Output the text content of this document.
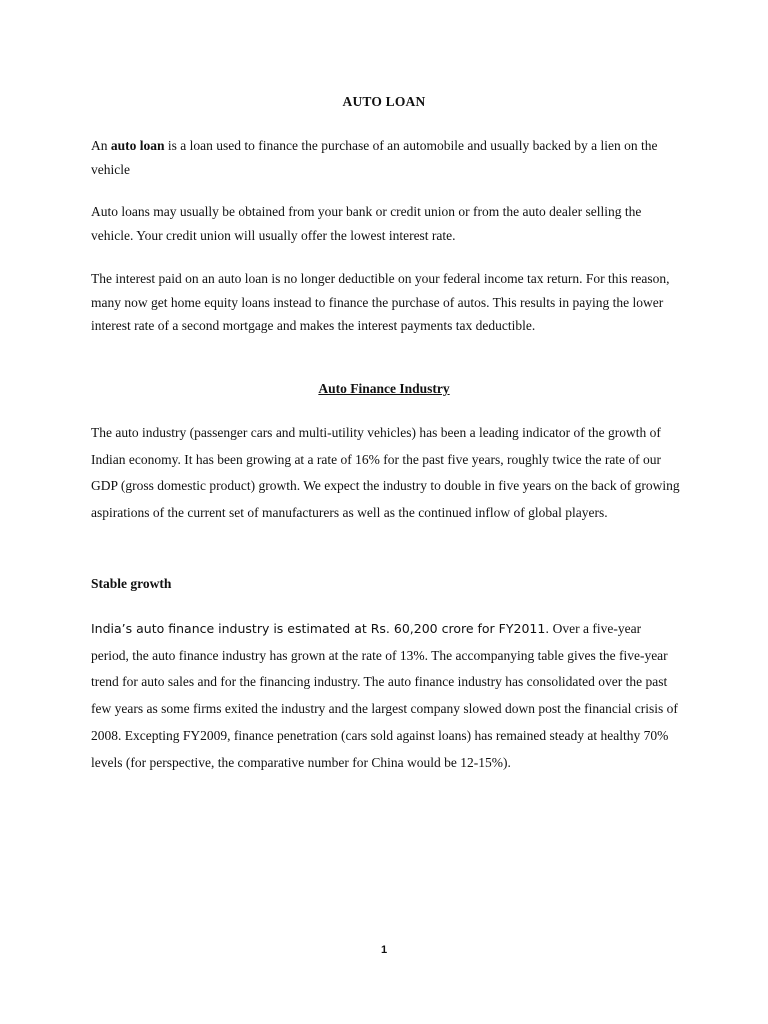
AUTO LOAN

An auto loan is a loan used to finance the purchase of an automobile and usually backed by a lien on the vehicle

Auto loans may usually be obtained from your bank or credit union or from the auto dealer selling the vehicle. Your credit union will usually offer the lowest interest rate.

The interest paid on an auto loan is no longer deductible on your federal income tax return. For this reason, many now get home equity loans instead to finance the purchase of autos. This results in paying the lower interest rate of a second mortgage and makes the interest payments tax deductible.

Auto Finance Industry

The auto industry (passenger cars and multi-utility vehicles) has been a leading indicator of the growth of Indian economy. It has been growing at a rate of 16% for the past five years, roughly twice the rate of our GDP (gross domestic product) growth. We expect the industry to double in five years on the back of growing aspirations of the current set of manufacturers as well as the continued inflow of global players.

Stable growth

India’s auto finance industry is estimated at Rs. 60,200 crore for FY2011. Over a five-year period, the auto finance industry has grown at the rate of 13%. The accompanying table gives the five-year trend for auto sales and for the financing industry. The auto finance industry has consolidated over the past few years as some firms exited the industry and the largest company slowed down post the financial crisis of 2008. Excepting FY2009, finance penetration (cars sold against loans) has remained steady at healthy 70% levels (for perspective, the comparative number for China would be 12-15%).

1
